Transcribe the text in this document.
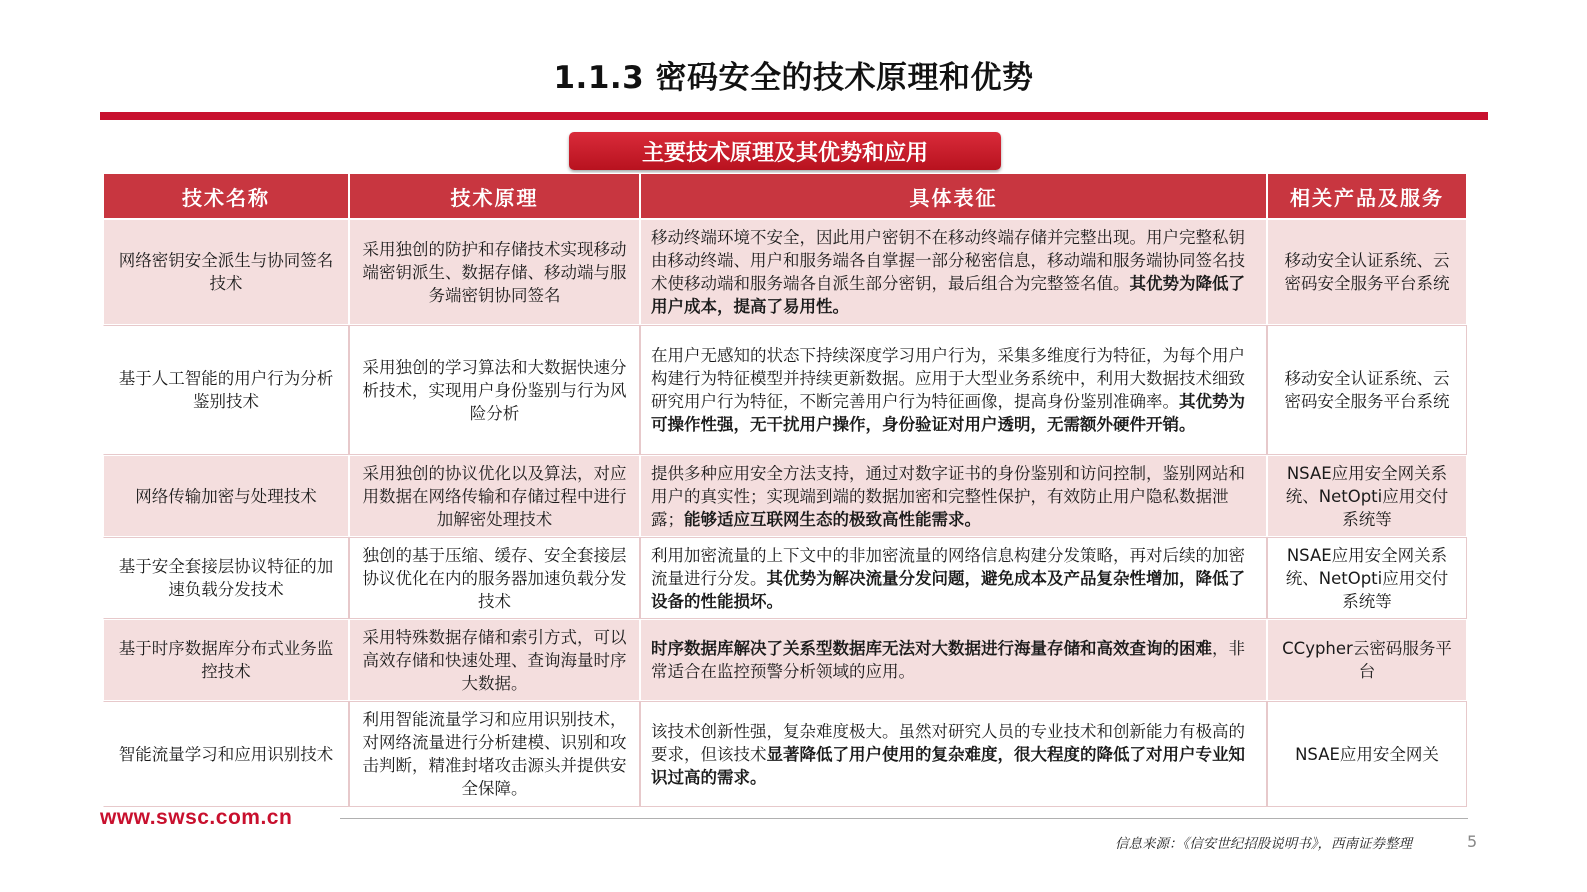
1.1.3 密码安全的技术原理和优势
主要技术原理及其优势和应用
技术名称	技术原理	具体表征	相关产品及服务
网络密钥安全派生与协同签名技术	采用独创的防护和存储技术实现移动端密钥派生、数据存储、移动端与服务端密钥协同签名	移动终端环境不安全，因此用户密钥不在移动终端存储并完整出现。用户完整私钥由移动终端、用户和服务端各自掌握一部分秘密信息，移动端和服务端协同签名技术使移动端和服务端各自派生部分密钥，最后组合为完整签名值。其优势为降低了用户成本，提高了易用性。	移动安全认证系统、云密码安全服务平台系统
基于人工智能的用户行为分析鉴别技术	采用独创的学习算法和大数据快速分析技术，实现用户身份鉴别与行为风险分析	在用户无感知的状态下持续深度学习用户行为，采集多维度行为特征，为每个用户构建行为特征模型并持续更新数据。应用于大型业务系统中，利用大数据技术细致研究用户行为特征，不断完善用户行为特征画像，提高身份鉴别准确率。其优势为可操作性强，无干扰用户操作，身份验证对用户透明，无需额外硬件开销。	移动安全认证系统、云密码安全服务平台系统
网络传输加密与处理技术	采用独创的协议优化以及算法，对应用数据在网络传输和存储过程中进行加解密处理技术	提供多种应用安全方法支持，通过对数字证书的身份鉴别和访问控制，鉴别网站和用户的真实性；实现端到端的数据加密和完整性保护，有效防止用户隐私数据泄露；能够适应互联网生态的极致高性能需求。	NSAE应用安全网关系统、NetOpti应用交付系统等
基于安全套接层协议特征的加速负载分发技术	独创的基于压缩、缓存、安全套接层协议优化在内的服务器加速负载分发技术	利用加密流量的上下文中的非加密流量的网络信息构建分发策略，再对后续的加密流量进行分发。其优势为解决流量分发问题，避免成本及产品复杂性增加，降低了设备的性能损坏。	NSAE应用安全网关系统、NetOpti应用交付系统等
基于时序数据库分布式业务监控技术	采用特殊数据存储和索引方式，可以高效存储和快速处理、查询海量时序大数据。	时序数据库解决了关系型数据库无法对大数据进行海量存储和高效查询的困难，非常适合在监控预警分析领域的应用。	CCypher云密码服务平台
智能流量学习和应用识别技术	利用智能流量学习和应用识别技术，对网络流量进行分析建模、识别和攻击判断，精准封堵攻击源头并提供安全保障。	该技术创新性强，复杂难度极大。虽然对研究人员的专业技术和创新能力有极高的要求，但该技术显著降低了用户使用的复杂难度，很大程度的降低了对用户专业知识过高的需求。	NSAE应用安全网关
www.swsc.com.cn
信息来源：《信安世纪招股说明书》，西南证券整理	5
